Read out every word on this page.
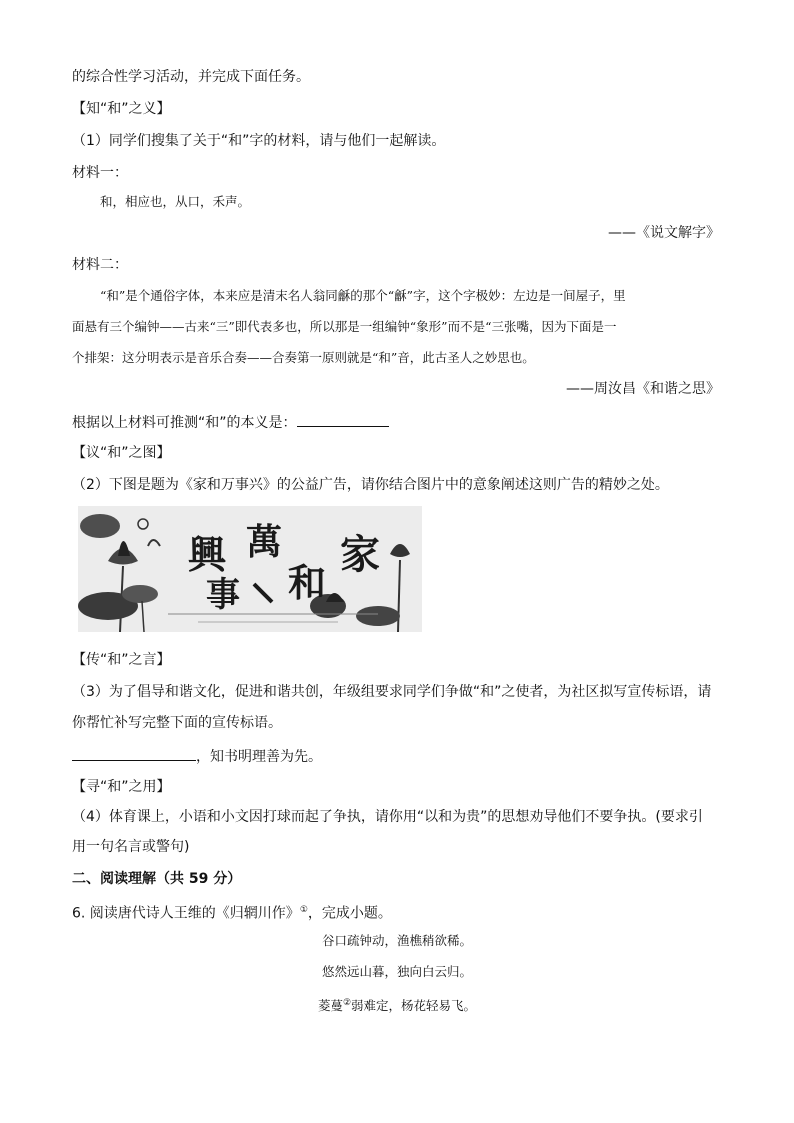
的综合性学习活动，并完成下面任务。
【知“和”之义】
（1）同学们搜集了关于“和”字的材料，请与他们一起解读。
材料一：
和，相应也，从口，禾声。
——《说文解字》
材料二：
“和”是个通俗字体，本来应是清末名人翁同龢的那个“龢”字，这个字极妙：左边是一间屋子，里
面悬有三个编钟——古来“三”即代表多也，所以那是一组编钟“象形”而不是“三张嘴，因为下面是一
个排架：这分明表示是音乐合奏——合奏第一原则就是“和”音，此古圣人之妙思也。
——周汝昌《和谐之思》
根据以上材料可推测“和”的本义是：
【议“和”之图】
（2）下图是题为《家和万事兴》的公益广告，请你结合图片中的意象阐述这则广告的精妙之处。
興 萬
事 和
家
【传“和”之言】
（3）为了倡导和谐文化，促进和谐共创，年级组要求同学们争做“和”之使者，为社区拟写宣传标语，请
你帮忙补写完整下面的宣传标语。
，知书明理善为先。
【寻“和”之用】
（4）体育课上，小语和小文因打球而起了争执，请你用“以和为贵”的思想劝导他们不要争执。(要求引
用一句名言或警句)
二、阅读理解（共 59 分）
6. 阅读唐代诗人王维的《归辋川作》①，完成小题。
谷口疏钟动，渔樵稍欲稀。
悠然远山暮，独向白云归。
菱蔓②弱难定，杨花轻易飞。
